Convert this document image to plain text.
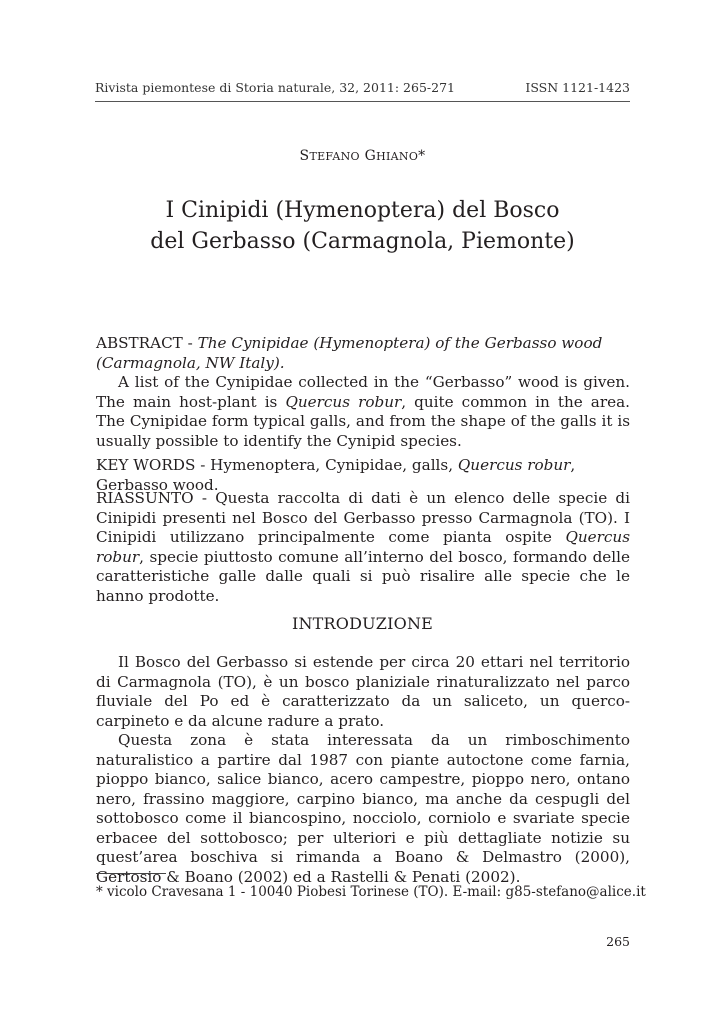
Rivista piemontese di Storia naturale, 32, 2011: 265-271	ISSN 1121-1423
STEFANO GHIANO*
I Cinipidi (Hymenoptera) del Bosco
del Gerbasso (Carmagnola, Piemonte)

ABSTRACT - The Cynipidae (Hymenoptera) of the Gerbasso wood (Carmagnola, NW Italy).

A list of the Cynipidae collected in the “Gerbasso” wood is given. The main host-plant is Quercus robur, quite common in the area. The Cynipidae form typical galls, and from the shape of the galls it is usually possible to identify the Cynipid species.

KEY WORDS - Hymenoptera, Cynipidae, galls, Quercus robur, Gerbasso wood.

RIASSUNTO - Questa raccolta di dati è un elenco delle specie di Cinipidi presenti nel Bosco del Gerbasso presso Carmagnola (TO). I Cinipidi utilizzano principalmente come pianta ospite Quercus robur, specie piuttosto comune all’interno del bosco, formando delle caratteristiche galle dalle quali si può risalire alle specie che le hanno prodotte.

INTRODUZIONE

Il Bosco del Gerbasso si estende per circa 20 ettari nel territorio di Carmagnola (TO), è un bosco planiziale rinaturalizzato nel parco fluviale del Po ed è caratterizzato da un saliceto, un querco-carpineto e da alcune radure a prato.

Questa zona è stata interessata da un rimboschimento naturalistico a partire dal 1987 con piante autoctone come farnia, pioppo bianco, salice bianco, acero campestre, pioppo nero, ontano nero, frassino maggiore, carpino bianco, ma anche da cespugli del sottobosco come il biancospino, nocciolo, corniolo e svariate specie erbacee del sottobosco; per ulteriori e più dettagliate notizie su quest’area boschiva si rimanda a Boano & Delmastro (2000), Gertosio & Boano (2002) ed a Rastelli & Penati (2002).

* vicolo Cravesana 1 - 10040 Piobesi Torinese (TO). E-mail: g85-stefano@alice.it
265
